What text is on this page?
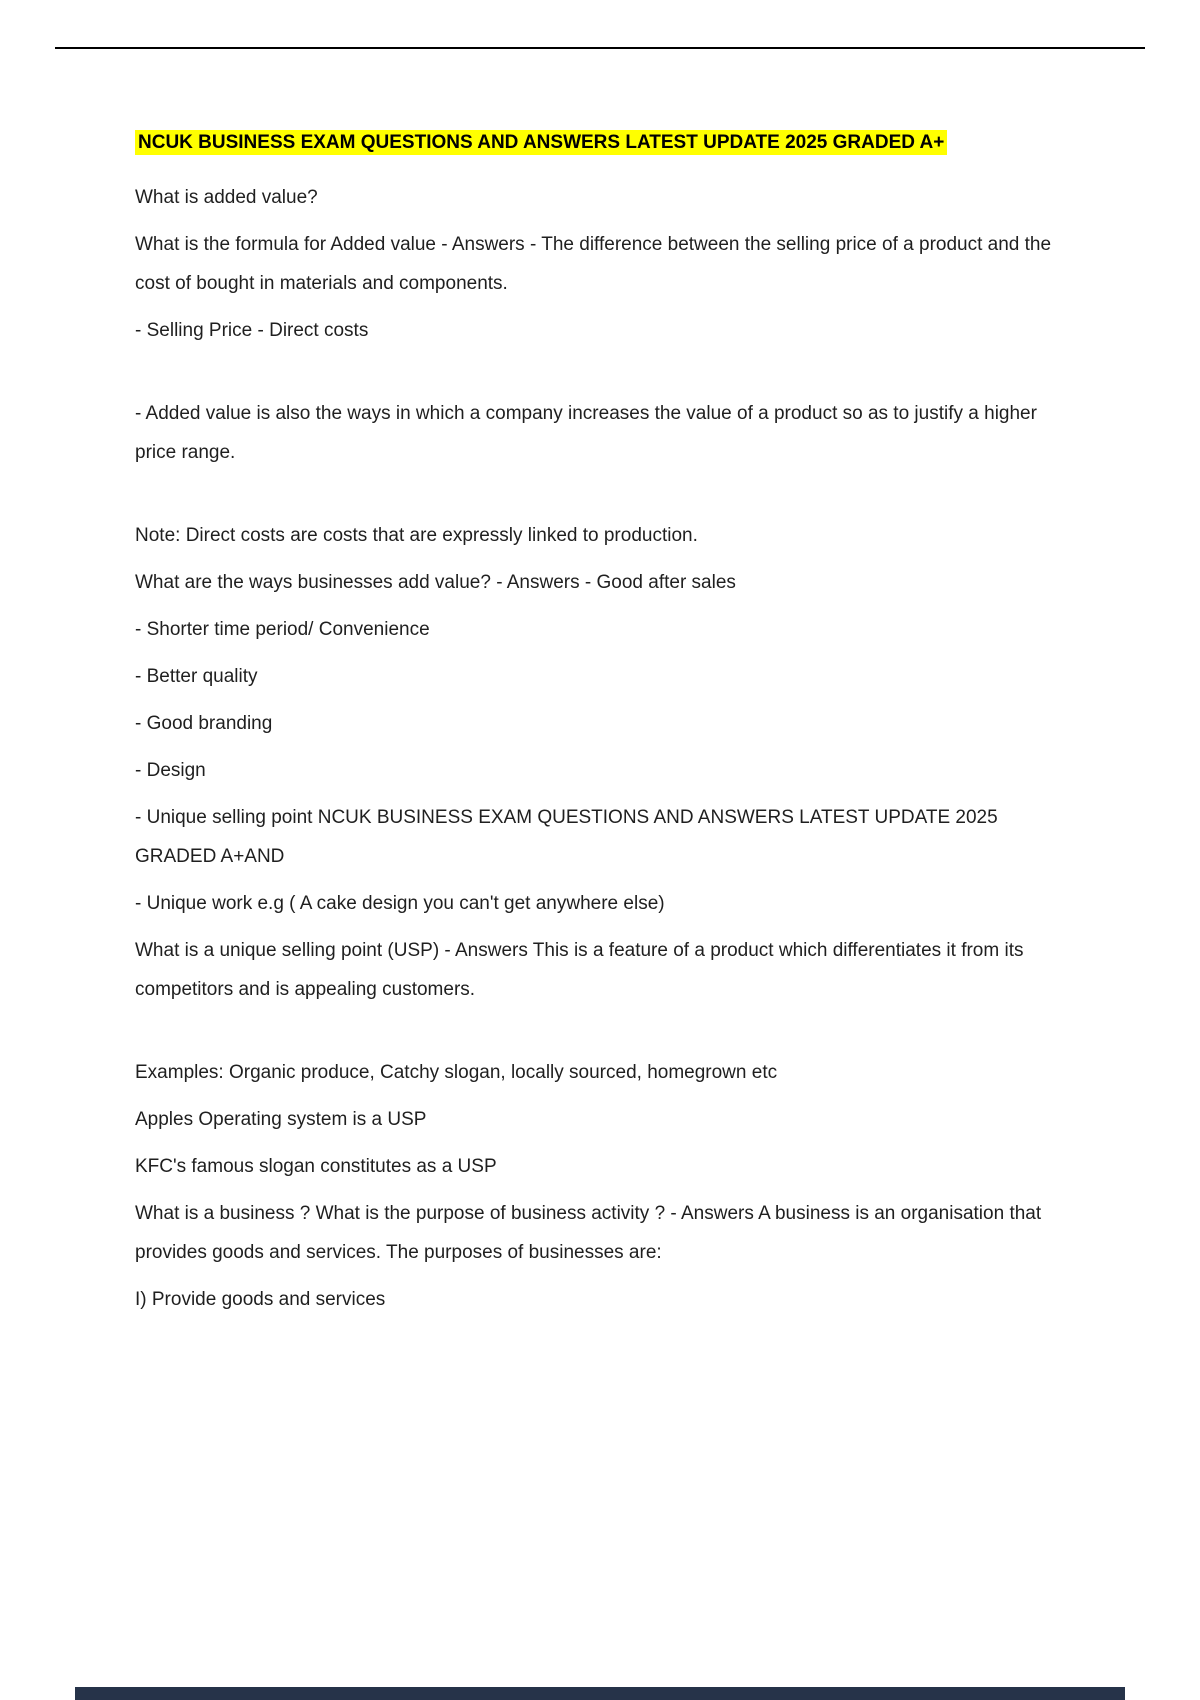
NCUK BUSINESS EXAM QUESTIONS AND ANSWERS LATEST UPDATE 2025 GRADED A+

What is added value?

What is the formula for Added value - Answers - The difference between the selling price of a product and the cost of bought in materials and components.

- Selling Price - Direct costs

- Added value is also the ways in which a company increases the value of a product so as to justify a higher price range.

Note: Direct costs are costs that are expressly linked to production.

What are the ways businesses add value? - Answers - Good after sales

- Shorter time period/ Convenience

- Better quality

- Good branding

- Design

- Unique selling point NCUK BUSINESS EXAM QUESTIONS AND ANSWERS LATEST UPDATE 2025 GRADED A+AND

- Unique work e.g ( A cake design you can't get anywhere else)

What is a unique selling point (USP) - Answers This is a feature of a product which differentiates it from its competitors and is appealing customers.

Examples: Organic produce, Catchy slogan, locally sourced, homegrown etc

Apples Operating system is a USP

KFC's famous slogan constitutes as a USP

What is a business ? What is the purpose of business activity ? - Answers A business is an organisation that provides goods and services. The purposes of businesses are:

I) Provide goods and services
